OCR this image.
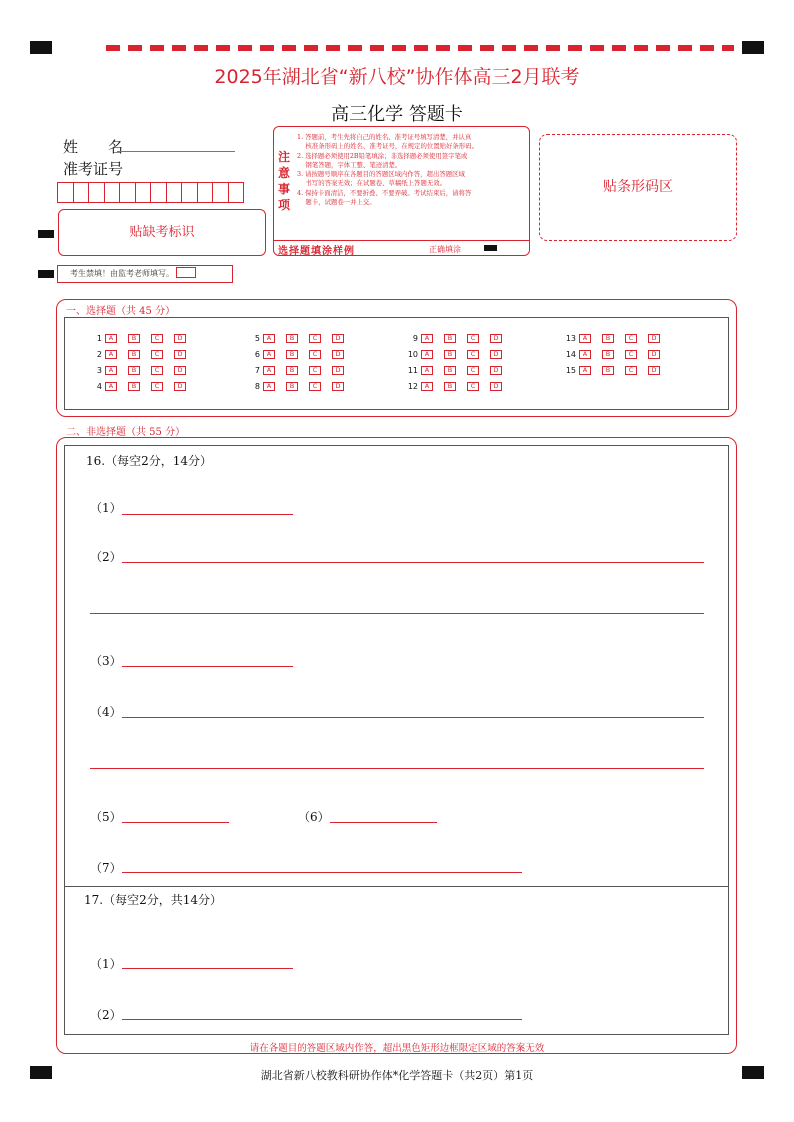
2025年湖北省“新八校”协作体高三2月联考
高三化学 答题卡
姓　　名
准考证号
贴缺考标识
注
意
事
项
1. 答题前，考生先将自己的姓名、准考证号填写清楚，并认真
　 核准条形码上的姓名、准考证号，在规定的位置贴好条形码。
2. 选择题必须使用2B铅笔填涂；非选择题必须使用签字笔或
　 钢笔答题，字体工整、笔迹清楚。
3. 请按题号顺序在各题目的答题区域内作答，超出答题区域
　 书写的答案无效；在试题卷、草稿纸上答题无效。
4. 保持卡面清洁，不要折叠、不要弄破。考试结束后，请将答
　 题卡，试题卷一并上交。
选择题填涂样例	正确填涂
贴条形码区
考生禁填！由监考老师填写。
一、选择题（共 45 分）
二、非选择题（共 55 分）
16.（每空2分，14分）
（1）
（2）
（3）
（4）
（5）	（6）
（7）
17.（每空2分，共14分）
（1）
（2）
请在各题目的答题区域内作答，超出黑色矩形边框限定区域的答案无效
湖北省新八校教科研协作体*化学答题卡（共2页）第1页
1	A	B	C	D
2	A	B	C	D
3	A	B	C	D
4	A	B	C	D
5	A	B	C	D
6	A	B	C	D
7	A	B	C	D
8	A	B	C	D
9	A	B	C	D
10	A	B	C	D
11	A	B	C	D
12	A	B	C	D
13	A	B	C	D
14	A	B	C	D
15	A	B	C	D
